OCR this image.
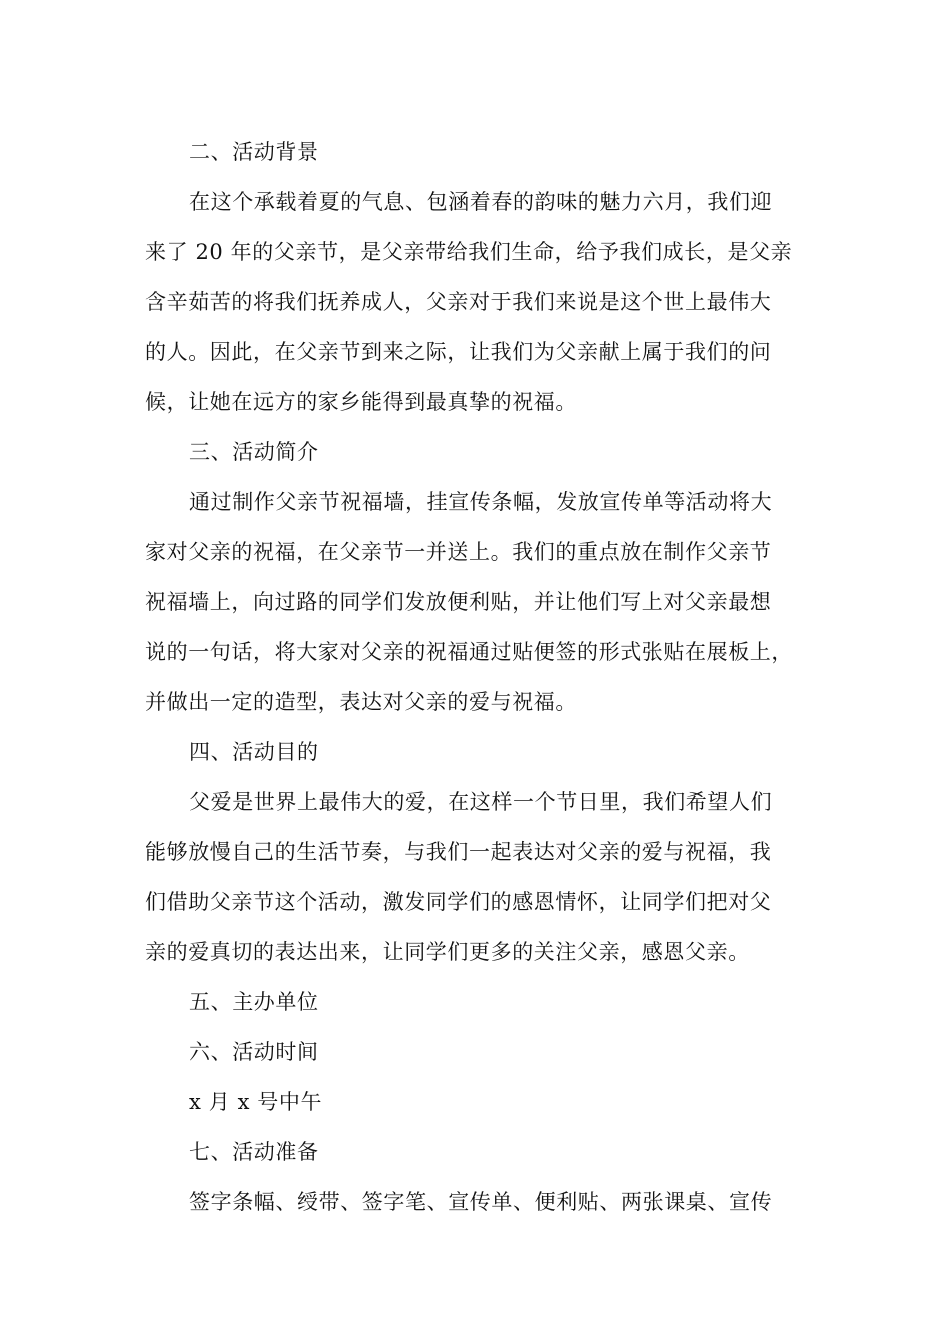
二、活动背景
在这个承载着夏的气息、包涵着春的韵味的魅力六月，我们迎
来了 20 年的父亲节，是父亲带给我们生命，给予我们成长，是父亲
含辛茹苦的将我们抚养成人，父亲对于我们来说是这个世上最伟大
的人。因此，在父亲节到来之际，让我们为父亲献上属于我们的问
候，让她在远方的家乡能得到最真挚的祝福。
三、活动简介
通过制作父亲节祝福墙，挂宣传条幅，发放宣传单等活动将大
家对父亲的祝福，在父亲节一并送上。我们的重点放在制作父亲节
祝福墙上，向过路的同学们发放便利贴，并让他们写上对父亲最想
说的一句话，将大家对父亲的祝福通过贴便签的形式张贴在展板上，
并做出一定的造型，表达对父亲的爱与祝福。
四、活动目的
父爱是世界上最伟大的爱，在这样一个节日里，我们希望人们
能够放慢自己的生活节奏，与我们一起表达对父亲的爱与祝福，我
们借助父亲节这个活动，激发同学们的感恩情怀，让同学们把对父
亲的爱真切的表达出来，让同学们更多的关注父亲，感恩父亲。
五、主办单位
六、活动时间
x 月 x 号中午
七、活动准备
签字条幅、绶带、签字笔、宣传单、便利贴、两张课桌、宣传
